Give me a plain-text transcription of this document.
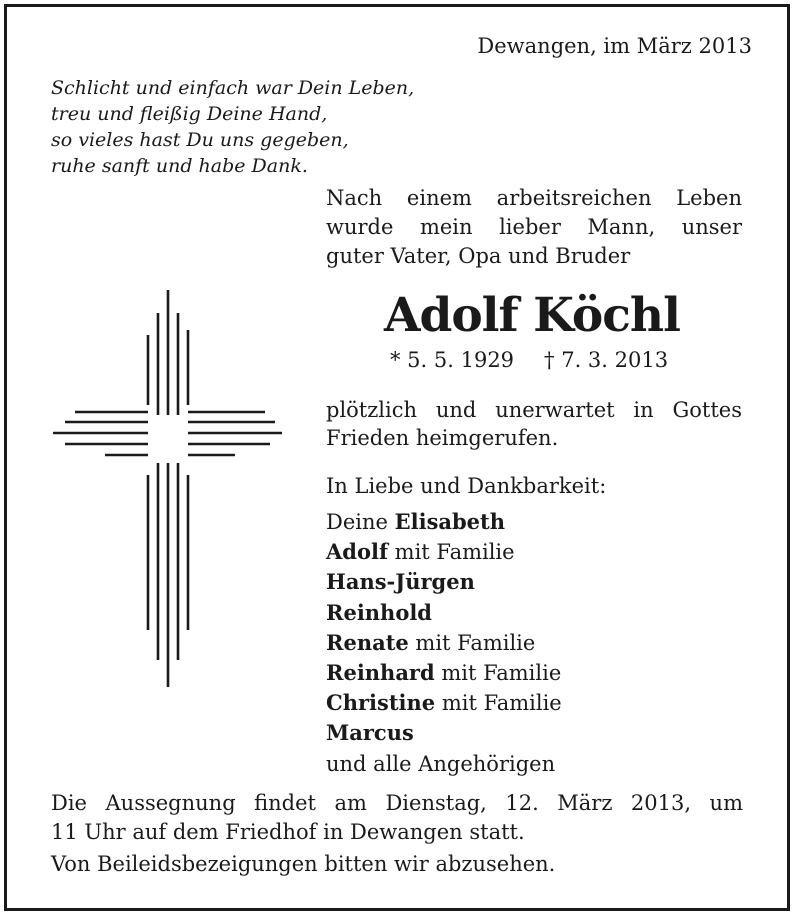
Dewangen, im März 2013
Schlicht und einfach war Dein Leben,
treu und fleißig Deine Hand,
so vieles hast Du uns gegeben,
ruhe sanft und habe Dank.
Nach einem arbeitsreichen Leben
wurde mein lieber Mann, unser
guter Vater, Opa und Bruder
Adolf Köchl
* 5. 5. 1929 † 7. 3. 2013
plötzlich und unerwartet in Gottes
Frieden heimgerufen.
In Liebe und Dankbarkeit:
Deine Elisabeth
Adolf mit Familie
Hans-Jürgen
Reinhold
Renate mit Familie
Reinhard mit Familie
Christine mit Familie
Marcus
und alle Angehörigen
Die Aussegnung findet am Dienstag, 12. März 2013, um
11 Uhr auf dem Friedhof in Dewangen statt.
Von Beileidsbezeigungen bitten wir abzusehen.
